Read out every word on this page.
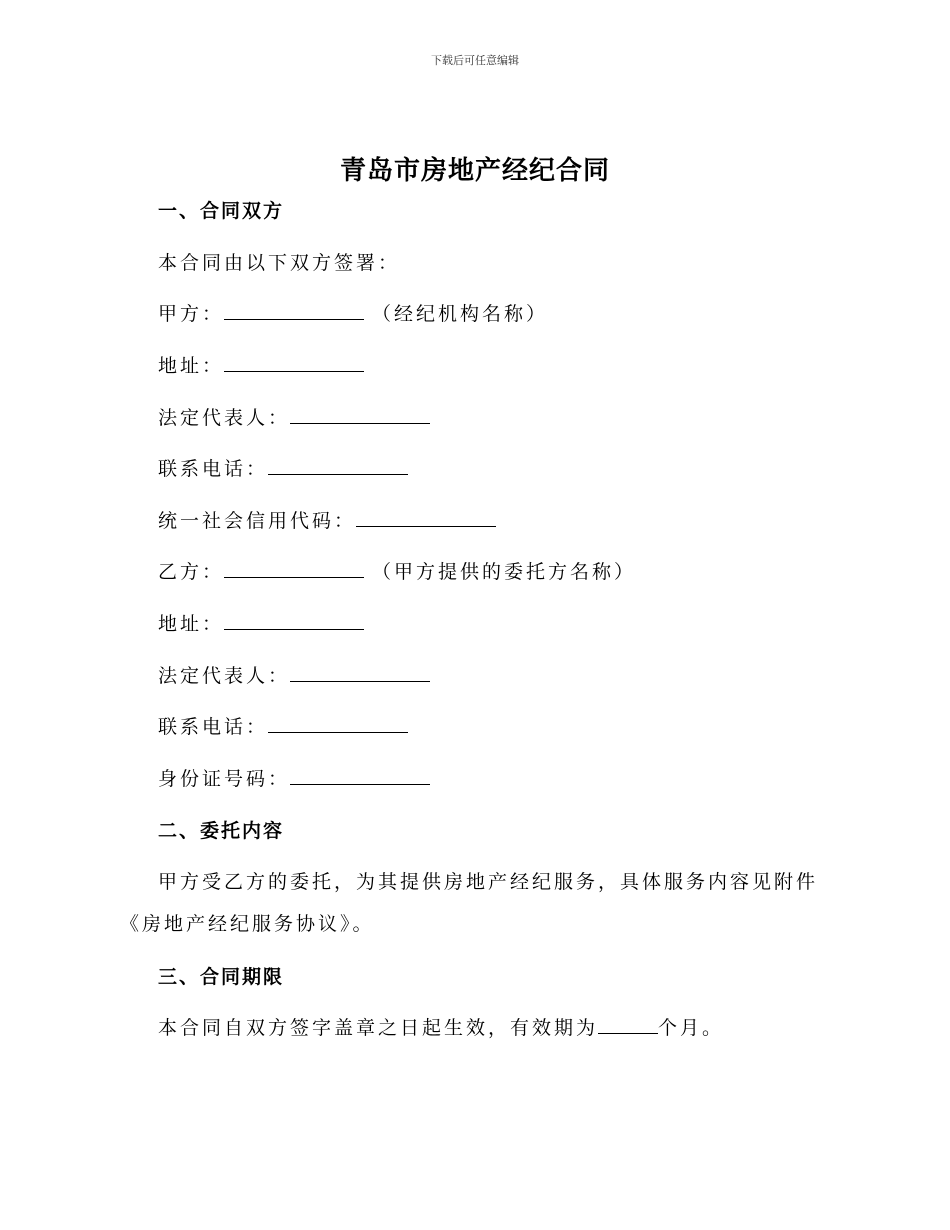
下载后可任意编辑
青岛市房地产经纪合同
一、合同双方
本合同由以下双方签署：
甲方：	（经纪机构名称）
地址：
法定代表人：
联系电话：
统一社会信用代码：
乙方：	（甲方提供的委托方名称）
地址：
法定代表人：
联系电话：
身份证号码：
二、委托内容
甲方受乙方的委托，为其提供房地产经纪服务，具体服务内容见附件《房地产经纪服务协议》。
三、合同期限
本合同自双方签字盖章之日起生效，有效期为	个月。
